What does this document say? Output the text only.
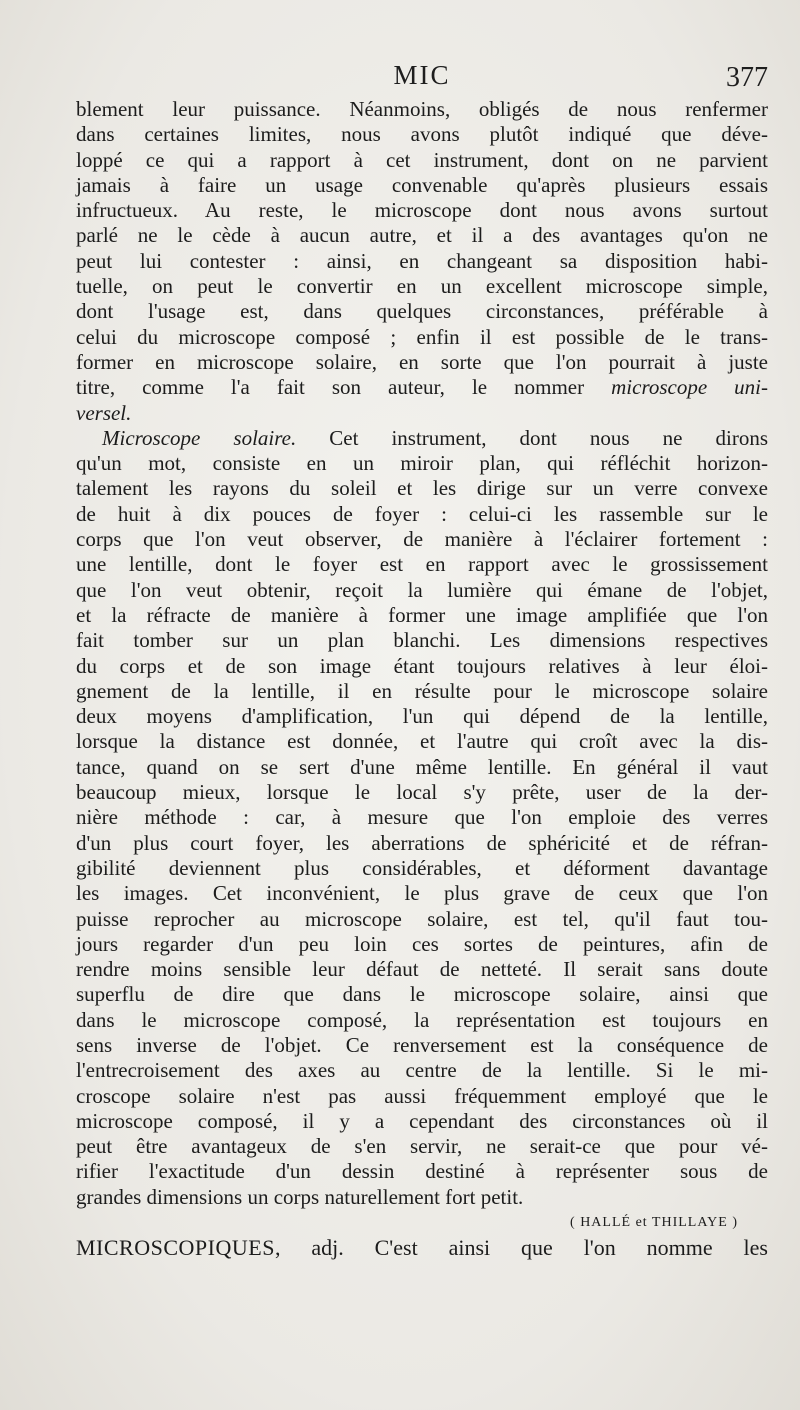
MIC	377
blement leur puissance. Néanmoins, obligés de nous renfermer
dans certaines limites, nous avons plutôt indiqué que déve-
loppé ce qui a rapport à cet instrument, dont on ne parvient
jamais à faire un usage convenable qu'après plusieurs essais
infructueux. Au reste, le microscope dont nous avons surtout
parlé ne le cède à aucun autre, et il a des avantages qu'on ne
peut lui contester : ainsi, en changeant sa disposition habi-
tuelle, on peut le convertir en un excellent microscope simple,
dont l'usage est, dans quelques circonstances, préférable à
celui du microscope composé ; enfin il est possible de le trans-
former en microscope solaire, en sorte que l'on pourrait à juste
titre, comme l'a fait son auteur, le nommer microscope uni-
versel.
Microscope solaire. Cet instrument, dont nous ne dirons
qu'un mot, consiste en un miroir plan, qui réfléchit horizon-
talement les rayons du soleil et les dirige sur un verre convexe
de huit à dix pouces de foyer : celui-ci les rassemble sur le
corps que l'on veut observer, de manière à l'éclairer fortement :
une lentille, dont le foyer est en rapport avec le grossissement
que l'on veut obtenir, reçoit la lumière qui émane de l'objet,
et la réfracte de manière à former une image amplifiée que l'on
fait tomber sur un plan blanchi. Les dimensions respectives
du corps et de son image étant toujours relatives à leur éloi-
gnement de la lentille, il en résulte pour le microscope solaire
deux moyens d'amplification, l'un qui dépend de la lentille,
lorsque la distance est donnée, et l'autre qui croît avec la dis-
tance, quand on se sert d'une même lentille. En général il vaut
beaucoup mieux, lorsque le local s'y prête, user de la der-
nière méthode : car, à mesure que l'on emploie des verres
d'un plus court foyer, les aberrations de sphéricité et de réfran-
gibilité deviennent plus considérables, et déforment davantage
les images. Cet inconvénient, le plus grave de ceux que l'on
puisse reprocher au microscope solaire, est tel, qu'il faut tou-
jours regarder d'un peu loin ces sortes de peintures, afin de
rendre moins sensible leur défaut de netteté. Il serait sans doute
superflu de dire que dans le microscope solaire, ainsi que
dans le microscope composé, la représentation est toujours en
sens inverse de l'objet. Ce renversement est la conséquence de
l'entrecroisement des axes au centre de la lentille. Si le mi-
croscope solaire n'est pas aussi fréquemment employé que le
microscope composé, il y a cependant des circonstances où il
peut être avantageux de s'en servir, ne serait-ce que pour vé-
rifier l'exactitude d'un dessin destiné à représenter sous de
grandes dimensions un corps naturellement fort petit.
( HALLÉ et THILLAYE )
MICROSCOPIQUES, adj. C'est ainsi que l'on nomme les
